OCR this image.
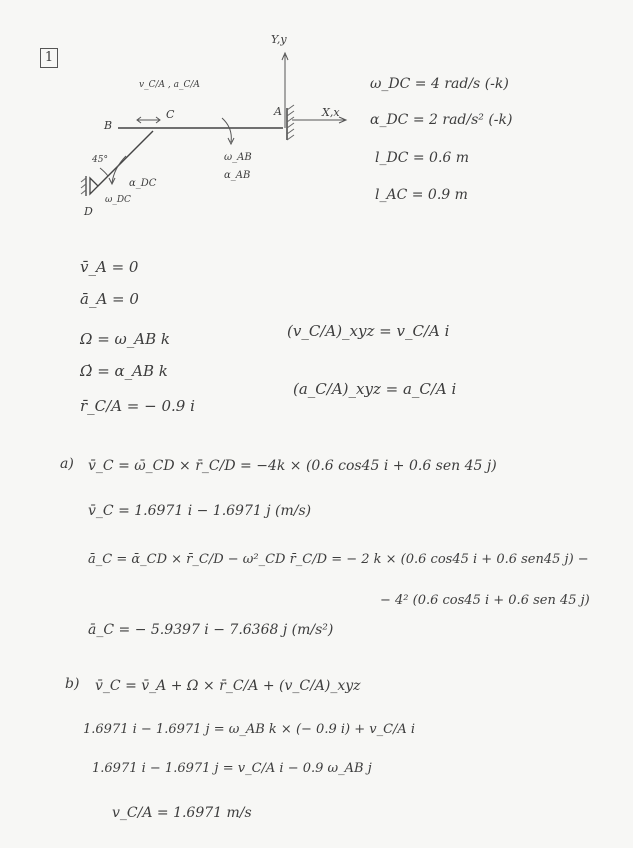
1
Y,y
X,x
A
B
C
D
45°
v_C/A , a_C/A
ω_AB
α_AB
ω_DC
α_DC
ω_DC = 4 rad/s (-k)
α_DC = 2 rad/s² (-k)
l_DC = 0.6 m
l_AC = 0.9 m
v̄_A = 0
ā_A = 0
Ω = ω_AB k
Ω̇ = α_AB k
r̄_C/A = − 0.9 i
(v_C/A)_xyz = v_C/A i
(a_C/A)_xyz = a_C/A i
a) v̄_C = ω̄_CD × r̄_C/D = −4k × (0.6 cos45 i + 0.6 sen 45 j)
v̄_C = 1.6971 i − 1.6971 j (m/s)
ā_C = ᾱ_CD × r̄_C/D − ω²_CD r̄_C/D = − 2 k × (0.6 cos45 i + 0.6 sen45 j) −
− 4² (0.6 cos45 i + 0.6 sen 45 j)
ā_C = − 5.9397 i − 7.6368 j (m/s²)
b) v̄_C = v̄_A + Ω × r̄_C/A + (v_C/A)_xyz
1.6971 i − 1.6971 j = ω_AB k × (− 0.9 i) + v_C/A i
1.6971 i − 1.6971 j = v_C/A i − 0.9 ω_AB j
v_C/A = 1.6971 m/s
